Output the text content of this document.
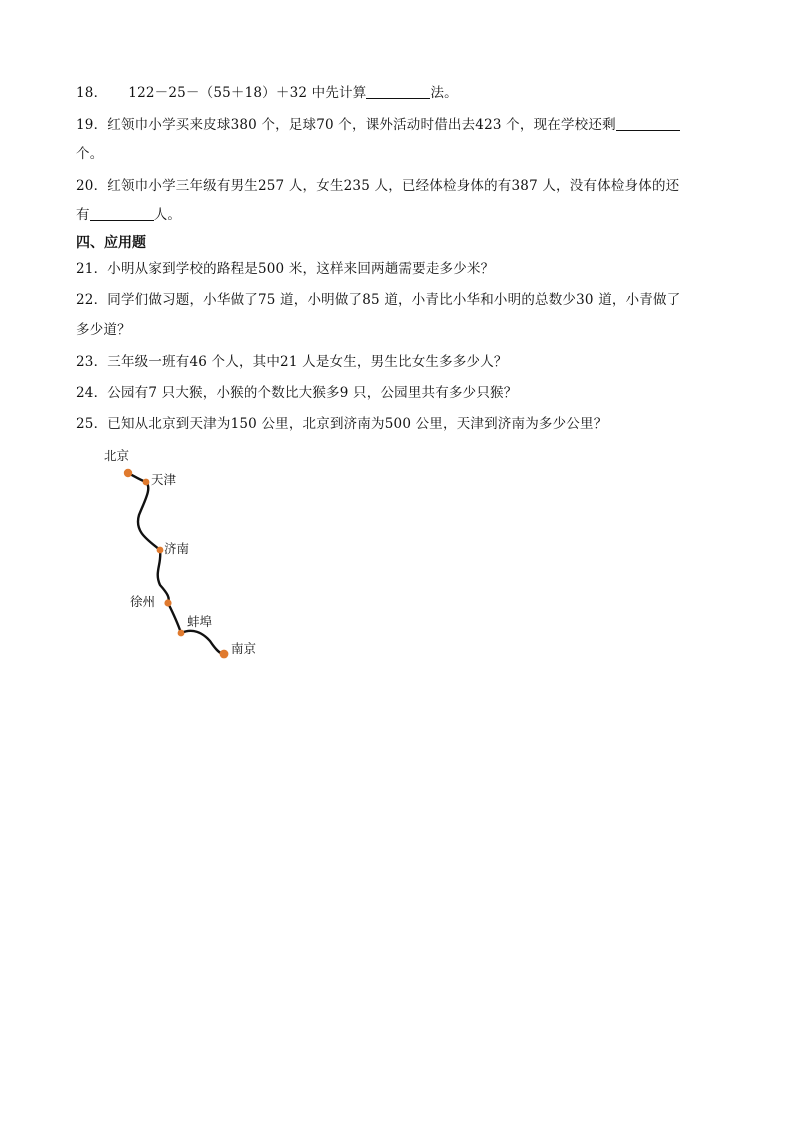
18． 122－25－（55＋18）＋32 中先计算	法。
19．红领巾小学买来皮球380 个，足球70 个，课外活动时借出去423 个，现在学校还剩
个。
20．红领巾小学三年级有男生257 人，女生235 人，已经体检身体的有387 人，没有体检身体的还
有	人。
四、应用题
21．小明从家到学校的路程是500 米，这样来回两趟需要走多少米？
22．同学们做习题，小华做了75 道，小明做了85 道，小青比小华和小明的总数少30 道，小青做了
多少道？
23．三年级一班有46 个人，其中21 人是女生，男生比女生多多少人？
24．公园有7 只大猴，小猴的个数比大猴多9 只，公园里共有多少只猴？
25．已知从北京到天津为150 公里，北京到济南为500 公里，天津到济南为多少公里？
北京
天津
济南
徐州
蚌埠
南京
